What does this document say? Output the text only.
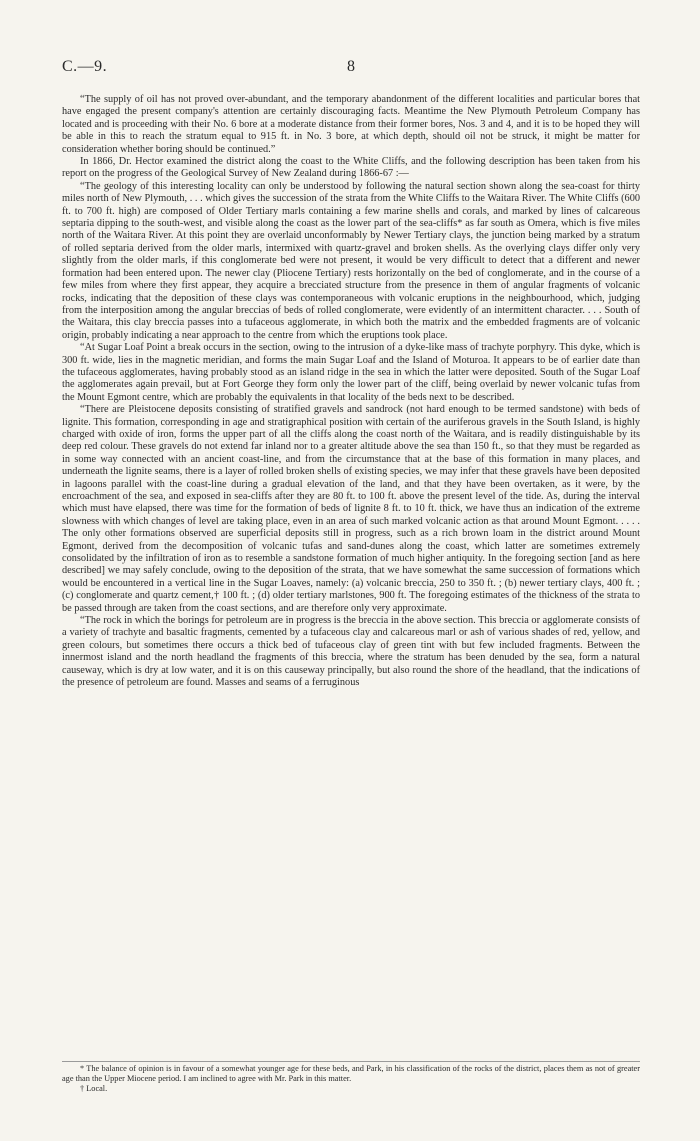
C.—9.	8

“The supply of oil has not proved over-abundant, and the temporary abandonment of the different localities and particular bores that have engaged the present company's attention are certainly discouraging facts. Meantime the New Plymouth Petroleum Company has located and is proceeding with their No. 6 bore at a moderate distance from their former bores, Nos. 3 and 4, and it is to be hoped they will be able in this to reach the stratum equal to 915 ft. in No. 3 bore, at which depth, should oil not be struck, it might be matter for consideration whether boring should be continued.”

In 1866, Dr. Hector examined the district along the coast to the White Cliffs, and the following description has been taken from his report on the progress of the Geological Survey of New Zealand during 1866-67 :—

“The geology of this interesting locality can only be understood by following the natural section shown along the sea-coast for thirty miles north of New Plymouth, . . . which gives the succession of the strata from the White Cliffs to the Waitara River. The White Cliffs (600 ft. to 700 ft. high) are composed of Older Tertiary marls containing a few marine shells and corals, and marked by lines of calcareous septaria dipping to the south-west, and visible along the coast as the lower part of the sea-cliffs* as far south as Omera, which is five miles north of the Waitara River. At this point they are overlaid unconformably by Newer Tertiary clays, the junction being marked by a stratum of rolled septaria derived from the older marls, intermixed with quartz-gravel and broken shells. As the overlying clays differ only very slightly from the older marls, if this conglomerate bed were not present, it would be very difficult to detect that a different and newer formation had been entered upon. The newer clay (Pliocene Tertiary) rests horizontally on the bed of conglomerate, and in the course of a few miles from where they first appear, they acquire a brecciated structure from the presence in them of angular fragments of volcanic rocks, indicating that the deposition of these clays was contemporaneous with volcanic eruptions in the neighbourhood, which, judging from the interposition among the angular breccias of beds of rolled conglomerate, were evidently of an intermittent character. . . . South of the Waitara, this clay breccia passes into a tufaceous agglomerate, in which both the matrix and the embedded fragments are of volcanic origin, probably indicating a near approach to the centre from which the eruptions took place.

“At Sugar Loaf Point a break occurs in the section, owing to the intrusion of a dyke-like mass of trachyte porphyry. This dyke, which is 300 ft. wide, lies in the magnetic meridian, and forms the main Sugar Loaf and the Island of Moturoa. It appears to be of earlier date than the tufaceous agglomerates, having probably stood as an island ridge in the sea in which the latter were deposited. South of the Sugar Loaf the agglomerates again prevail, but at Fort George they form only the lower part of the cliff, being overlaid by newer volcanic tufas from the Mount Egmont centre, which are probably the equivalents in that locality of the beds next to be described.

“There are Pleistocene deposits consisting of stratified gravels and sandrock (not hard enough to be termed sandstone) with beds of lignite. This formation, corresponding in age and stratigraphical position with certain of the auriferous gravels in the South Island, is highly charged with oxide of iron, forms the upper part of all the cliffs along the coast north of the Waitara, and is readily distinguishable by its deep red colour. These gravels do not extend far inland nor to a greater altitude above the sea than 150 ft., so that they must be regarded as in some way connected with an ancient coast-line, and from the circumstance that at the base of this formation in many places, and underneath the lignite seams, there is a layer of rolled broken shells of existing species, we may infer that these gravels have been deposited in lagoons parallel with the coast-line during a gradual elevation of the land, and that they have been overtaken, as it were, by the encroachment of the sea, and exposed in sea-cliffs after they are 80 ft. to 100 ft. above the present level of the tide. As, during the interval which must have elapsed, there was time for the formation of beds of lignite 8 ft. to 10 ft. thick, we have thus an indication of the extreme slowness with which changes of level are taking place, even in an area of such marked volcanic action as that around Mount Egmont. . . . . The only other formations observed are superficial deposits still in progress, such as a rich brown loam in the district around Mount Egmont, derived from the decomposition of volcanic tufas and sand-dunes along the coast, which latter are sometimes extremely consolidated by the infiltration of iron as to resemble a sandstone formation of much higher antiquity. In the foregoing section [and as here described] we may safely conclude, owing to the deposition of the strata, that we have somewhat the same succession of formations which would be encountered in a vertical line in the Sugar Loaves, namely: (a) volcanic breccia, 250 to 350 ft. ; (b) newer tertiary clays, 400 ft. ; (c) conglomerate and quartz cement,† 100 ft. ; (d) older tertiary marlstones, 900 ft. The foregoing estimates of the thickness of the strata to be passed through are taken from the coast sections, and are therefore only very approximate.

“The rock in which the borings for petroleum are in progress is the breccia in the above section. This breccia or agglomerate consists of a variety of trachyte and basaltic fragments, cemented by a tufaceous clay and calcareous marl or ash of various shades of red, yellow, and green colours, but sometimes there occurs a thick bed of tufaceous clay of green tint with but few included fragments. Between the innermost island and the north headland the fragments of this breccia, where the stratum has been denuded by the sea, form a natural causeway, which is dry at low water, and it is on this causeway principally, but also round the shore of the headland, that the indications of the presence of petroleum are found. Masses and seams of a ferruginous

* The balance of opinion is in favour of a somewhat younger age for these beds, and Park, in his classification of the rocks of the district, places them as not of greater age than the Upper Miocene period. I am inclined to agree with Mr. Park in this matter.

† Local.
